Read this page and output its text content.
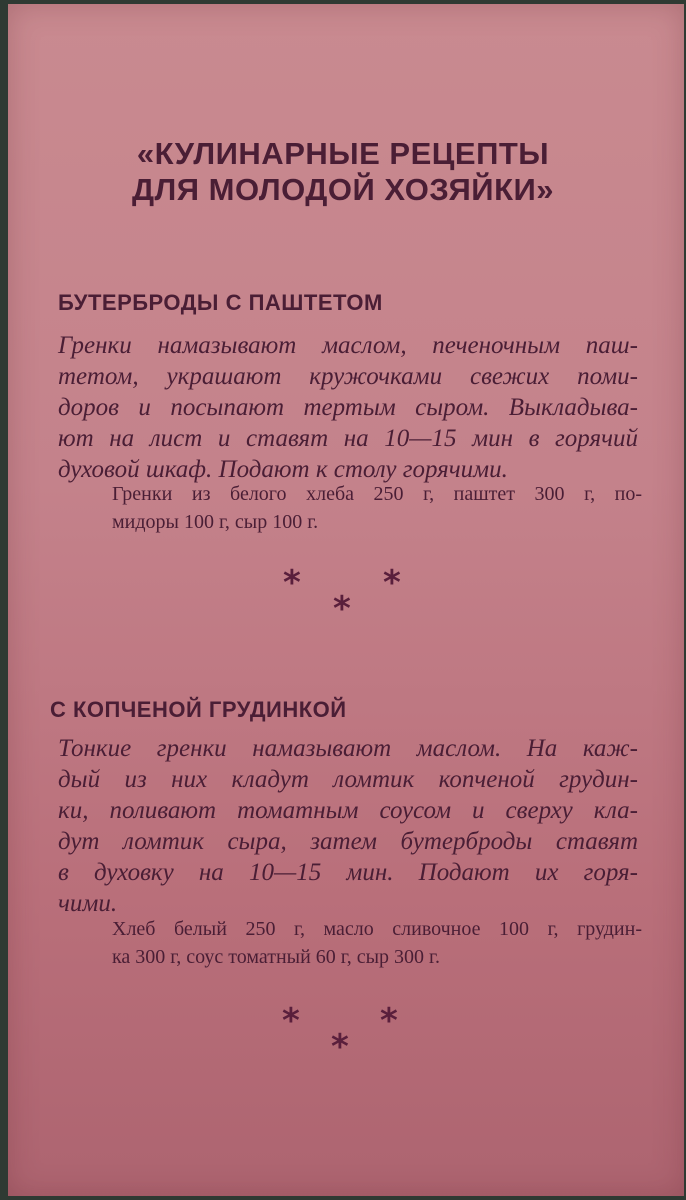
«КУЛИНАРНЫЕ РЕЦЕПТЫ
ДЛЯ МОЛОДОЙ ХОЗЯЙКИ»
БУТЕРБРОДЫ С ПАШТЕТОМ
Гренки намазывают маслом, печеночным паш-
тетом, украшают кружочками свежих поми-
доров и посыпают тертым сыром. Выкладыва-
ют на лист и ставят на 10—15 мин в горячий
духовой шкаф. Подают к столу горячими.
Гренки из белого хлеба 250 г, паштет 300 г, по-
мидоры 100 г, сыр 100 г.
* *
*
С КОПЧЕНОЙ ГРУДИНКОЙ
Тонкие гренки намазывают маслом. На каж-
дый из них кладут ломтик копченой грудин-
ки, поливают томатным соусом и сверху кла-
дут ломтик сыра, затем бутерброды ставят
в духовку на 10—15 мин. Подают их горя-
чими.
Хлеб белый 250 г, масло сливочное 100 г, грудин-
ка 300 г, соус томатный 60 г, сыр 300 г.
* *
*
